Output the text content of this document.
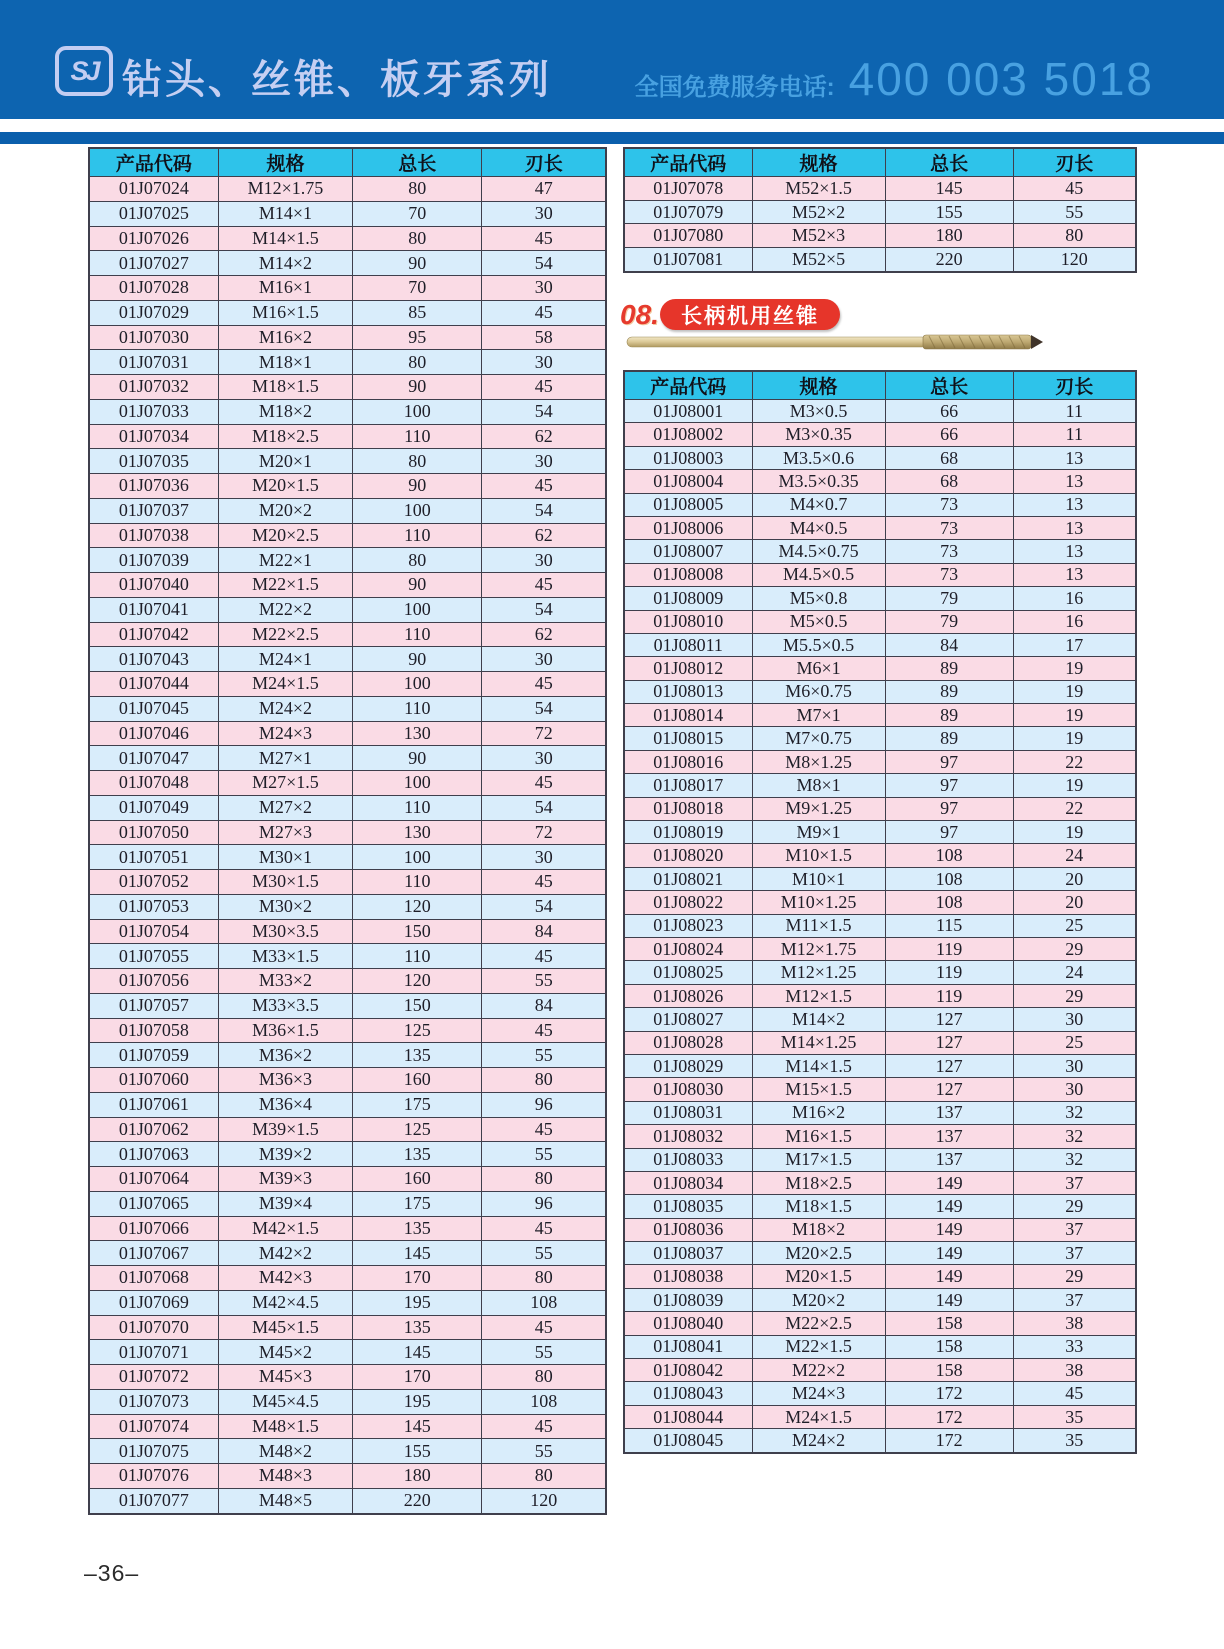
SJ 钻头、丝锥、板牙系列	全国免费服务电话: 400 003 5018
产品代码	规格	总长	刃长
01J07024	M12×1.75	80	47
01J07025	M14×1	70	30
01J07026	M14×1.5	80	45
01J07027	M14×2	90	54
01J07028	M16×1	70	30
01J07029	M16×1.5	85	45
01J07030	M16×2	95	58
01J07031	M18×1	80	30
01J07032	M18×1.5	90	45
01J07033	M18×2	100	54
01J07034	M18×2.5	110	62
01J07035	M20×1	80	30
01J07036	M20×1.5	90	45
01J07037	M20×2	100	54
01J07038	M20×2.5	110	62
01J07039	M22×1	80	30
01J07040	M22×1.5	90	45
01J07041	M22×2	100	54
01J07042	M22×2.5	110	62
01J07043	M24×1	90	30
01J07044	M24×1.5	100	45
01J07045	M24×2	110	54
01J07046	M24×3	130	72
01J07047	M27×1	90	30
01J07048	M27×1.5	100	45
01J07049	M27×2	110	54
01J07050	M27×3	130	72
01J07051	M30×1	100	30
01J07052	M30×1.5	110	45
01J07053	M30×2	120	54
01J07054	M30×3.5	150	84
01J07055	M33×1.5	110	45
01J07056	M33×2	120	55
01J07057	M33×3.5	150	84
01J07058	M36×1.5	125	45
01J07059	M36×2	135	55
01J07060	M36×3	160	80
01J07061	M36×4	175	96
01J07062	M39×1.5	125	45
01J07063	M39×2	135	55
01J07064	M39×3	160	80
01J07065	M39×4	175	96
01J07066	M42×1.5	135	45
01J07067	M42×2	145	55
01J07068	M42×3	170	80
01J07069	M42×4.5	195	108
01J07070	M45×1.5	135	45
01J07071	M45×2	145	55
01J07072	M45×3	170	80
01J07073	M45×4.5	195	108
01J07074	M48×1.5	145	45
01J07075	M48×2	155	55
01J07076	M48×3	180	80
01J07077	M48×5	220	120
产品代码	规格	总长	刃长
01J07078	M52×1.5	145	45
01J07079	M52×2	155	55
01J07080	M52×3	180	80
01J07081	M52×5	220	120
08. 长柄机用丝锥
产品代码	规格	总长	刃长
01J08001	M3×0.5	66	11
01J08002	M3×0.35	66	11
01J08003	M3.5×0.6	68	13
01J08004	M3.5×0.35	68	13
01J08005	M4×0.7	73	13
01J08006	M4×0.5	73	13
01J08007	M4.5×0.75	73	13
01J08008	M4.5×0.5	73	13
01J08009	M5×0.8	79	16
01J08010	M5×0.5	79	16
01J08011	M5.5×0.5	84	17
01J08012	M6×1	89	19
01J08013	M6×0.75	89	19
01J08014	M7×1	89	19
01J08015	M7×0.75	89	19
01J08016	M8×1.25	97	22
01J08017	M8×1	97	19
01J08018	M9×1.25	97	22
01J08019	M9×1	97	19
01J08020	M10×1.5	108	24
01J08021	M10×1	108	20
01J08022	M10×1.25	108	20
01J08023	M11×1.5	115	25
01J08024	M12×1.75	119	29
01J08025	M12×1.25	119	24
01J08026	M12×1.5	119	29
01J08027	M14×2	127	30
01J08028	M14×1.25	127	25
01J08029	M14×1.5	127	30
01J08030	M15×1.5	127	30
01J08031	M16×2	137	32
01J08032	M16×1.5	137	32
01J08033	M17×1.5	137	32
01J08034	M18×2.5	149	37
01J08035	M18×1.5	149	29
01J08036	M18×2	149	37
01J08037	M20×2.5	149	37
01J08038	M20×1.5	149	29
01J08039	M20×2	149	37
01J08040	M22×2.5	158	38
01J08041	M22×1.5	158	33
01J08042	M22×2	158	38
01J08043	M24×3	172	45
01J08044	M24×1.5	172	35
01J08045	M24×2	172	35
–36–
